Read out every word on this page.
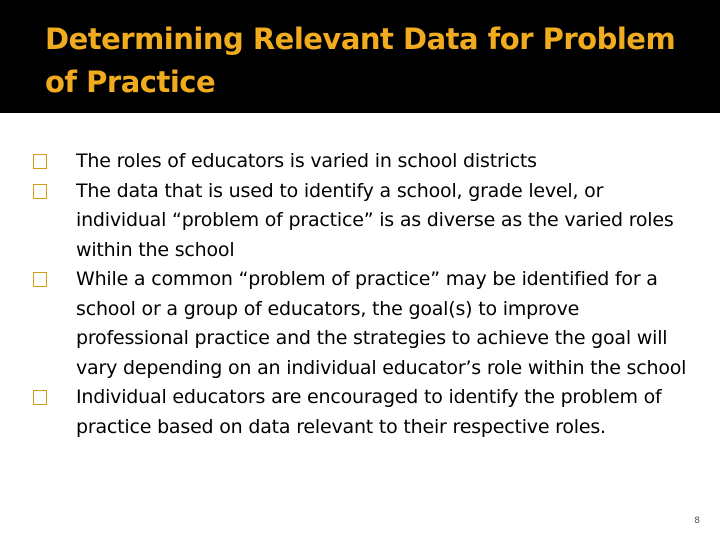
Determining Relevant Data for Problem of Practice
The roles of educators is varied in school districts
The data that is used to identify a school, grade level, or individual “problem of practice” is as diverse as the varied roles within the school
While a common “problem of practice” may be identified for a school or a group of educators, the goal(s) to improve professional practice and the strategies to achieve the goal will vary depending on an individual educator’s role within the school
Individual educators are encouraged to identify the problem of practice based on data relevant to their respective roles.
8
